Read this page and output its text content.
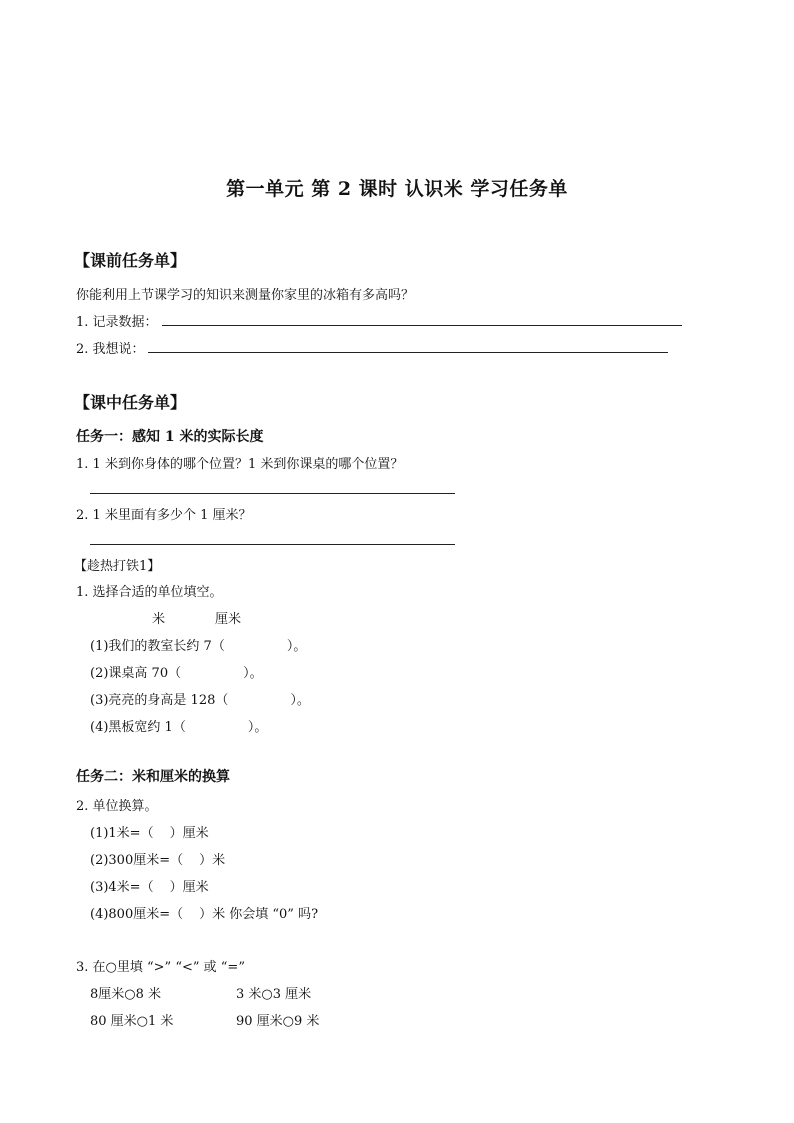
第一单元 第 2 课时 认识米 学习任务单
【课前任务单】
你能利用上节课学习的知识来测量你家里的冰箱有多高吗？
1. 记录数据：
2. 我想说：
【课中任务单】
任务一：感知 1 米的实际长度
1. 1 米到你身体的哪个位置？1 米到你课桌的哪个位置？
2. 1 米里面有多少个 1 厘米？
【趁热打铁1】
1. 选择合适的单位填空。
米	厘米
(1)我们的教室长约 7（	）。
(2)课桌高 70（	）。
(3)亮亮的身高是 128（	）。
(4)黑板宽约 1（	）。
任务二：米和厘米的换算
2. 单位换算。
(1)1米=（ ）厘米
(2)300厘米=（ ）米
(3)4米=（ ）厘米
(4)800厘米=（ ）米 你会填 “0” 吗?
3. 在○里填 “>” “<” 或 “=”
8厘米○8 米	3 米○3 厘米
80 厘米○1 米	90 厘米○9 米
